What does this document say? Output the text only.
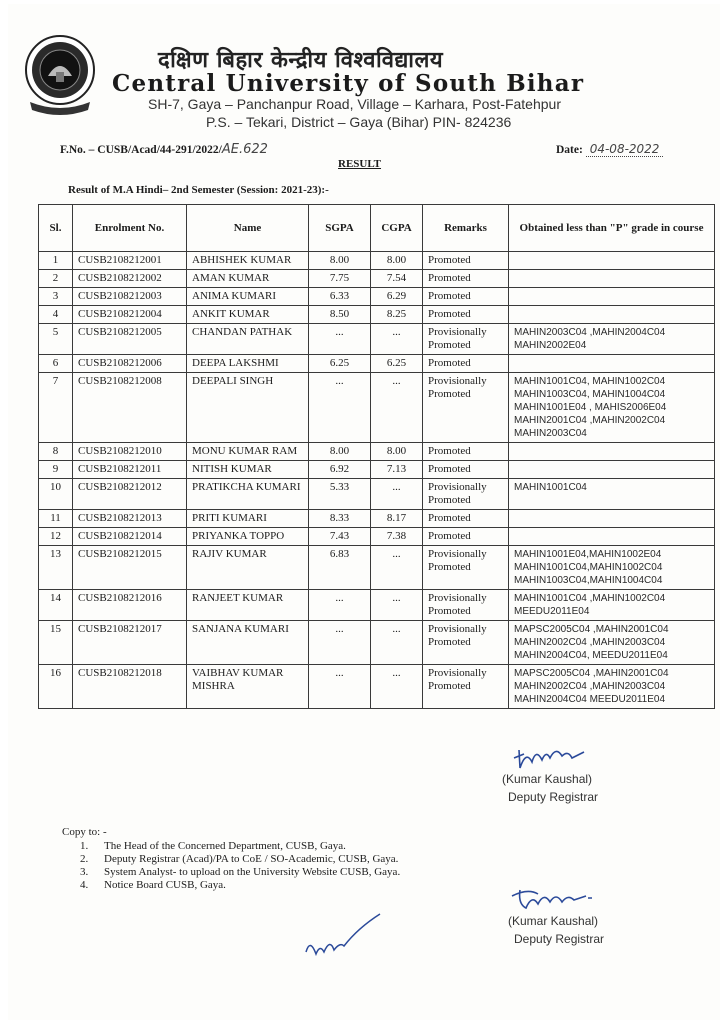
दक्षिण बिहार केन्द्रीय विश्वविद्यालय
Central University of South Bihar
SH-7, Gaya – Panchanpur Road, Village – Karhara, Post-Fatehpur
P.S. – Tekari, District – Gaya (Bihar) PIN- 824236
F.No. – CUSB/Acad/44-291/2022/AE.622	Date: 04-08-2022
RESULT
Result of M.A Hindi– 2nd Semester (Session: 2021-23):-
Sl.	Enrolment No.	Name	SGPA	CGPA	Remarks	Obtained less than "P" grade in course
1	CUSB2108212001	ABHISHEK KUMAR	8.00	8.00	Promoted	
2	CUSB2108212002	AMAN KUMAR	7.75	7.54	Promoted	
3	CUSB2108212003	ANIMA KUMARI	6.33	6.29	Promoted	
4	CUSB2108212004	ANKIT KUMAR	8.50	8.25	Promoted	
5	CUSB2108212005	CHANDAN PATHAK	...	...	Provisionally Promoted	MAHIN2003C04 ,MAHIN2004C04 MAHIN2002E04
6	CUSB2108212006	DEEPA LAKSHMI	6.25	6.25	Promoted	
7	CUSB2108212008	DEEPALI SINGH	...	...	Provisionally Promoted	MAHIN1001C04, MAHIN1002C04 MAHIN1003C04, MAHIN1004C04 MAHIN1001E04 , MAHIS2006E04 MAHIN2001C04 ,MAHIN2002C04 MAHIN2003C04
8	CUSB2108212010	MONU KUMAR RAM	8.00	8.00	Promoted	
9	CUSB2108212011	NITISH KUMAR	6.92	7.13	Promoted	
10	CUSB2108212012	PRATIKCHA KUMARI	5.33	...	Provisionally Promoted	MAHIN1001C04
11	CUSB2108212013	PRITI KUMARI	8.33	8.17	Promoted	
12	CUSB2108212014	PRIYANKA TOPPO	7.43	7.38	Promoted	
13	CUSB2108212015	RAJIV KUMAR	6.83	...	Provisionally Promoted	MAHIN1001E04,MAHIN1002E04 MAHIN1001C04,MAHIN1002C04 MAHIN1003C04,MAHIN1004C04
14	CUSB2108212016	RANJEET KUMAR	...	...	Provisionally Promoted	MAHIN1001C04 ,MAHIN1002C04 MEEDU2011E04
15	CUSB2108212017	SANJANA KUMARI	...	...	Provisionally Promoted	MAPSC2005C04 ,MAHIN2001C04 MAHIN2002C04 ,MAHIN2003C04 MAHIN2004C04, MEEDU2011E04
16	CUSB2108212018	VAIBHAV KUMAR MISHRA	...	...	Provisionally Promoted	MAPSC2005C04 ,MAHIN2001C04 MAHIN2002C04 ,MAHIN2003C04 MAHIN2004C04 MEEDU2011E04
(Kumar Kaushal)
Deputy Registrar
Copy to: -
1. The Head of the Concerned Department, CUSB, Gaya.
2. Deputy Registrar (Acad)/PA to CoE / SO-Academic, CUSB, Gaya.
3. System Analyst- to upload on the University Website CUSB, Gaya.
4. Notice Board CUSB, Gaya.
(Kumar Kaushal)
Deputy Registrar
